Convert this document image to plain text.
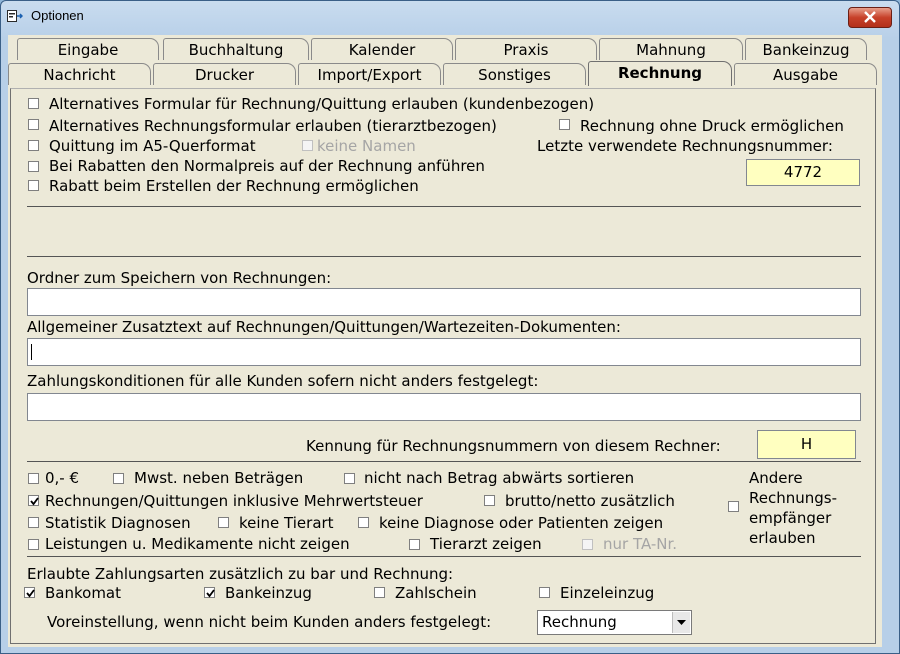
Optionen
Eingabe	Buchhaltung	Kalender	Praxis	Mahnung	Bankeinzug
Nachricht	Drucker	Import/Export	Sonstiges	Rechnung	Ausgabe
Alternatives Formular für Rechnung/Quittung erlauben (kundenbezogen)
Alternatives Rechnungsformular erlauben (tierarztbezogen)	Rechnung ohne Druck ermöglichen
Quittung im A5-Querformat	keine Namen	Letzte verwendete Rechnungsnummer:
Bei Rabatten den Normalpreis auf der Rechnung anführen	4772
Rabatt beim Erstellen der Rechnung ermöglichen
Ordner zum Speichern von Rechnungen:
Allgemeiner Zusatztext auf Rechnungen/Quittungen/Wartezeiten-Dokumenten:
Zahlungskonditionen für alle Kunden sofern nicht anders festgelegt:
Kennung für Rechnungsnummern von diesem Rechner:	H
0,- €	Mwst. neben Beträgen	nicht nach Betrag abwärts sortieren
Rechnungen/Quittungen inklusive Mehrwertsteuer	brutto/netto zusätzlich
Statistik Diagnosen	keine Tierart	keine Diagnose oder Patienten zeigen
Leistungen u. Medikamente nicht zeigen	Tierarzt zeigen	nur TA-Nr.
Andere
Rechnungs-
empfänger
erlauben
Erlaubte Zahlungsarten zusätzlich zu bar und Rechnung:
Bankomat	Bankeinzug	Zahlschein	Einzeleinzug
Voreinstellung, wenn nicht beim Kunden anders festgelegt:	Rechnung
